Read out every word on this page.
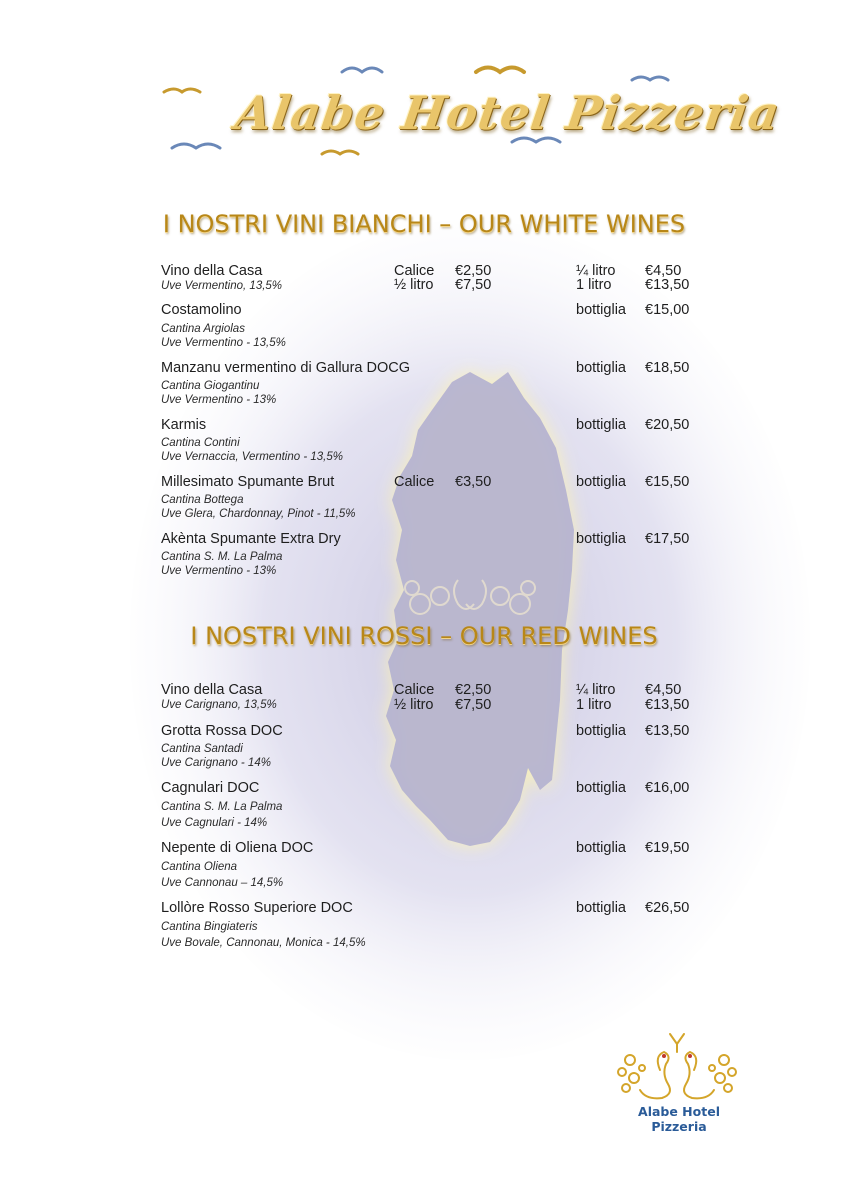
Alabe Hotel Pizzeria
I NOSTRI VINI BIANCHI – OUR WHITE WINES
Vino della Casa
Uve Vermentino, 13,5%
Calice €2,50
½ litro €7,50
¼ litro €4,50
1 litro €13,50
Costamolino
Cantina Argiolas
Uve Vermentino - 13,5%
bottiglia €15,00
Manzanu vermentino di Gallura DOCG
Cantina Giogantinu
Uve Vermentino - 13%
bottiglia €18,50
Karmis
Cantina Contini
Uve Vernaccia, Vermentino - 13,5%
bottiglia €20,50
Millesimato Spumante Brut
Cantina Bottega
Uve Glera, Chardonnay, Pinot - 11,5%
Calice €3,50	bottiglia €15,50
Akènta Spumante Extra Dry
Cantina S. M. La Palma
Uve Vermentino - 13%
bottiglia €17,50
I NOSTRI VINI ROSSI – OUR RED WINES
Vino della Casa
Uve Carignano, 13,5%
Calice €2,50
½ litro €7,50
¼ litro €4,50
1 litro €13,50
Grotta Rossa DOC
Cantina Santadi
Uve Carignano - 14%
bottiglia €13,50
Cagnulari DOC
Cantina S. M. La Palma
Uve Cagnulari - 14%
bottiglia €16,00
Nepente di Oliena DOC
Cantina Oliena
Uve Cannonau – 14,5%
bottiglia €19,50
Lollòre Rosso Superiore DOC
Cantina Bingiateris
Uve Bovale, Cannonau, Monica - 14,5%
bottiglia €26,50
Alabe Hotel Pizzeria
